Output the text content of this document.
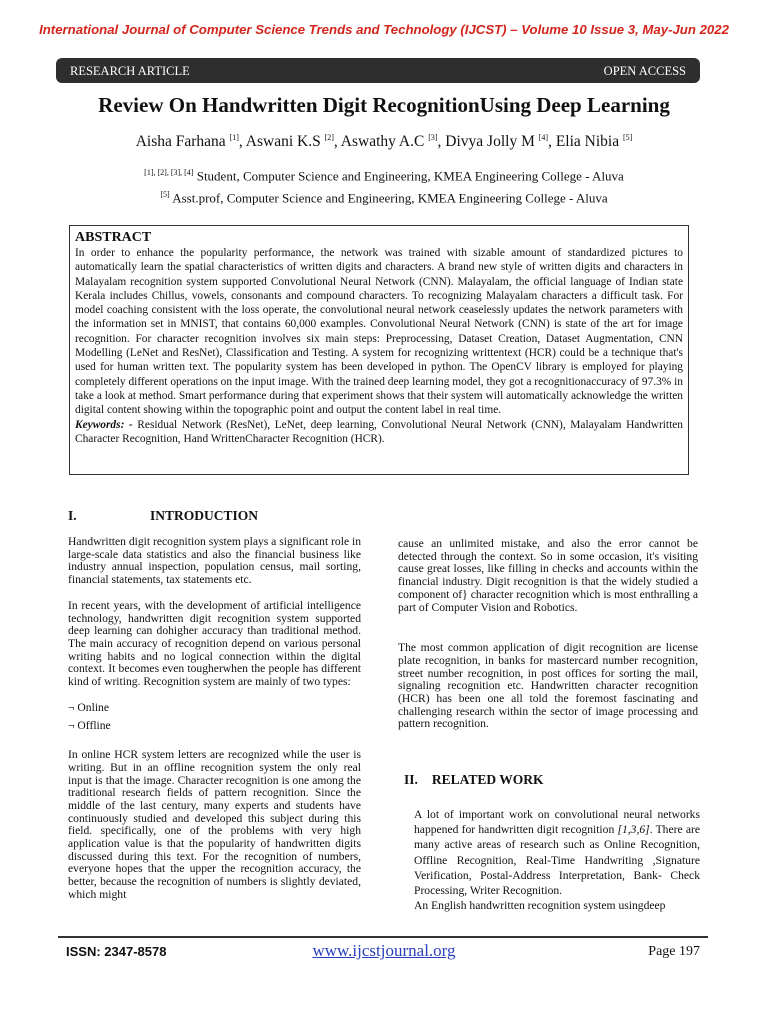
International Journal of Computer Science Trends and Technology (IJCST) – Volume 10 Issue 3, May-Jun 2022
RESEARCH ARTICLE	OPEN ACCESS
Review On Handwritten Digit RecognitionUsing Deep Learning
Aisha Farhana [1], Aswani K.S [2], Aswathy A.C [3], Divya Jolly M [4], Elia Nibia [5]
[1], [2], [3], [4] Student, Computer Science and Engineering, KMEA Engineering College - Aluva
[5] Asst.prof, Computer Science and Engineering, KMEA Engineering College - Aluva
ABSTRACT

In order to enhance the popularity performance, the network was trained with sizable amount of standardized pictures to automatically learn the spatial characteristics of written digits and characters. A brand new style of written digits and characters in Malayalam recognition system supported Convolutional Neural Network (CNN). Malayalam, the official language of Indian state Kerala includes Chillus, vowels, consonants and compound characters. To recognizing Malayalam characters a difficult task. For model coaching consistent with the loss operate, the convolutional neural network ceaselessly updates the network parameters with the information set in MNIST, that contains 60,000 examples. Convolutional Neural Network (CNN) is state of the art for image recognition. For character recognition involves six main steps: Preprocessing, Dataset Creation, Dataset Augmentation, CNN Modelling (LeNet and ResNet), Classification and Testing. A system for recognizing writtentext (HCR) could be a technique that's used for human written text. The popularity system has been developed in python. The OpenCV library is employed for playing completely different operations on the input image. With the trained deep learning model, they got a recognitionaccuracy of 97.3% in take a look at method. Smart performance during that experiment shows that their system will automatically acknowledge the written digital content showing within the topographic point and output the content label in real time.

Keywords: - Residual Network (ResNet), LeNet, deep learning, Convolutional Neural Network (CNN), Malayalam Handwritten Character Recognition, Hand WrittenCharacter Recognition (HCR).

I.	INTRODUCTION

Handwritten digit recognition system plays a significant role in large-scale data statistics and also the financial business like industry annual inspection, population census, mail sorting, financial statements, tax statements etc.

In recent years, with the development of artificial intelligence technology, handwritten digit recognition system supported deep learning can dohigher accuracy than traditional method. The main accuracy of recognition depend on various personal writing habits and no logical connection within the digital context. It becomes even tougherwhen the people has different kind of writing. Recognition system are mainly of two types:

¬ Online

¬ Offline

In online HCR system letters are recognized while the user is writing. But in an offline recognition system the only real input is that the image. Character recognition is one among the traditional research fields of pattern recognition. Since the middle of the last century, many experts and students have continuously studied and developed this subject during this field. specifically, one of the problems with very high application value is that the popularity of handwritten digits discussed during this text. For the recognition of numbers, everyone hopes that the upper the recognition accuracy, the better, because the recognition of numbers is slightly deviated, which might

cause an unlimited mistake, and also the error cannot be detected through the context. So in some occasion, it's visiting cause great losses, like filling in checks and accounts within the financial industry. Digit recognition is that the widely studied a component of} character recognition which is most enthralling a part of Computer Vision and Robotics.

The most common application of digit recognition are license plate recognition, in banks for mastercard number recognition, street number recognition, in post offices for sorting the mail, signaling recognition etc. Handwritten character recognition (HCR) has been one all told the foremost fascinating and challenging research within the sector of image processing and pattern recognition.

II. RELATED WORK

A lot of important work on convolutional neural networks happened for handwritten digit recognition [1,3,6]. There are many active areas of research such as Online Recognition, Offline Recognition, Real-Time Handwriting ,Signature Verification, Postal-Address Interpretation, Bank- Check Processing, Writer Recognition.

An English handwritten recognition system usingdeep

ISSN: 2347-8578	www.ijcstjournal.org	Page 197
